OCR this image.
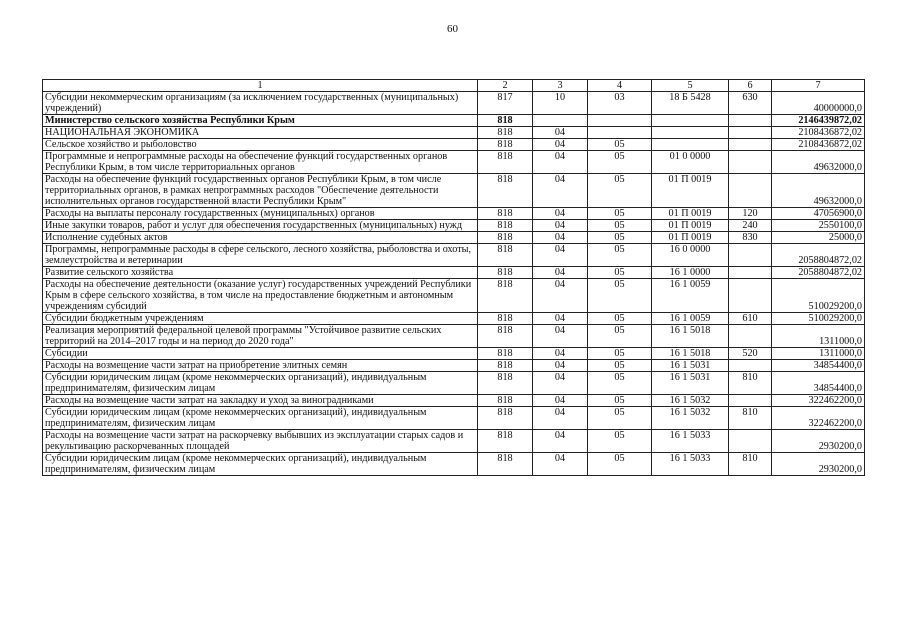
60
1	2	3	4	5	6	7
Субсидии некоммерческим организациям (за исключением государственных (муниципальных) учреждений)	817	10	03	18 Б 5428	630	40000000,0
Министерство сельского хозяйства Республики Крым	818					2146439872,02
НАЦИОНАЛЬНАЯ ЭКОНОМИКА	818	04				2108436872,02
Сельское хозяйство и рыболовство	818	04	05			2108436872,02
Программные и непрограммные расходы на обеспечение функций государственных органов Республики Крым, в том числе территориальных органов	818	04	05	01 0 0000		49632000,0
Расходы на обеспечение функций государственных органов Республики Крым, в том числе территориальных органов, в рамках непрограммных расходов "Обеспечение деятельности исполнительных органов государственной власти Республики Крым"	818	04	05	01 П 0019		49632000,0
Расходы на выплаты персоналу государственных (муниципальных) органов	818	04	05	01 П 0019	120	47056900,0
Иные закупки товаров, работ и услуг для обеспечения государственных (муниципальных) нужд	818	04	05	01 П 0019	240	2550100,0
Исполнение судебных актов	818	04	05	01 П 0019	830	25000,0
Программы, непрограммные расходы в сфере сельского, лесного хозяйства, рыболовства и охоты, землеустройства и ветеринарии	818	04	05	16 0 0000		2058804872,02
Развитие сельского хозяйства	818	04	05	16 1 0000		2058804872,02
Расходы на обеспечение деятельности (оказание услуг) государственных учреждений Республики Крым в сфере сельского хозяйства, в том числе на предоставление бюджетным и автономным учреждениям субсидий	818	04	05	16 1 0059		510029200,0
Субсидии бюджетным учреждениям	818	04	05	16 1 0059	610	510029200,0
Реализация мероприятий федеральной целевой программы "Устойчивое развитие сельских территорий на 2014–2017 годы и на период до 2020 года"	818	04	05	16 1 5018		1311000,0
Субсидии	818	04	05	16 1 5018	520	1311000,0
Расходы на возмещение части затрат на приобретение элитных семян	818	04	05	16 1 5031		34854400,0
Субсидии юридическим лицам (кроме некоммерческих организаций), индивидуальным предпринимателям, физическим лицам	818	04	05	16 1 5031	810	34854400,0
Расходы на возмещение части затрат на закладку и уход за виноградниками	818	04	05	16 1 5032		322462200,0
Субсидии юридическим лицам (кроме некоммерческих организаций), индивидуальным предпринимателям, физическим лицам	818	04	05	16 1 5032	810	322462200,0
Расходы на возмещение части затрат на раскорчевку выбывших из эксплуатации старых садов и рекультивацию раскорчеванных площадей	818	04	05	16 1 5033		2930200,0
Субсидии юридическим лицам (кроме некоммерческих организаций), индивидуальным предпринимателям, физическим лицам	818	04	05	16 1 5033	810	2930200,0
